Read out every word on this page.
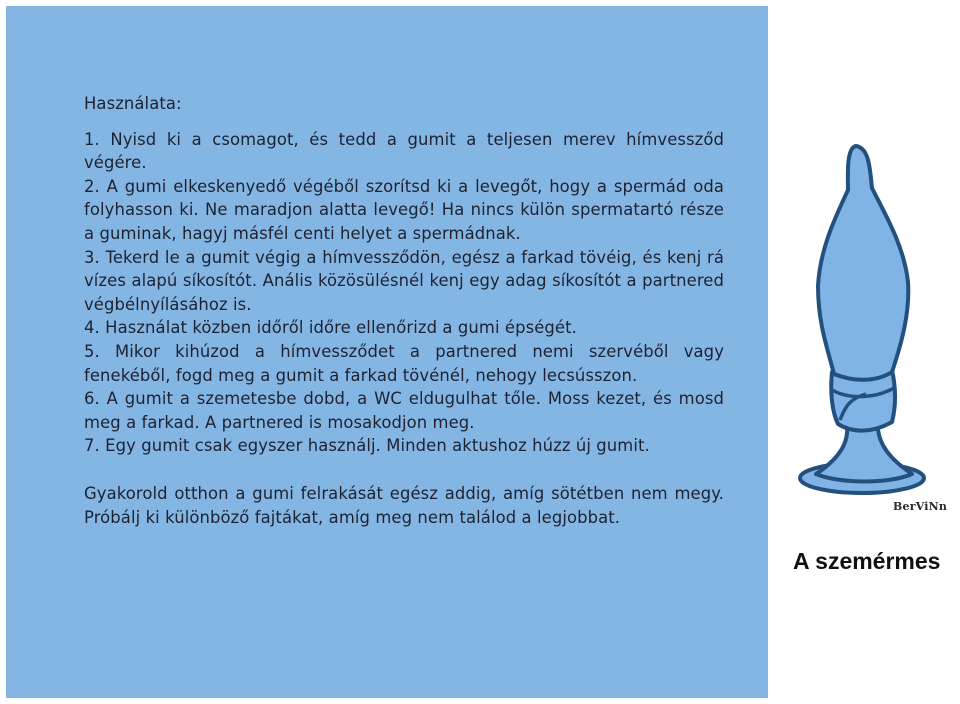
Használata:

1. Nyisd ki a csomagot, és tedd a gumit a teljesen merev hímvessződ végére.

2. A gumi elkeskenyedő végéből szorítsd ki a levegőt, hogy a spermád oda folyhasson ki. Ne maradjon alatta levegő! Ha nincs külön spermatartó része a guminak, hagyj másfél centi helyet a spermádnak.

3. Tekerd le a gumit végig a hímvessződön, egész a farkad tövéig, és kenj rá vízes alapú síkosítót. Anális közösülésnél kenj egy adag síkosítót a partnered végbélnyílásához is.

4. Használat közben időről időre ellenőrizd a gumi épségét.

5. Mikor kihúzod a hímvessződet a partnered nemi szervéből vagy fenekéből, fogd meg a gumit a farkad tövénél, nehogy lecsússzon.

6. A gumit a szemetesbe dobd, a WC eldugulhat tőle. Moss kezet, és mosd meg a farkad. A partnered is mosakodjon meg.

7. Egy gumit csak egyszer használj. Minden aktushoz húzz új gumit.

Gyakorold otthon a gumi felrakását egész addig, amíg sötétben nem megy. Próbálj ki különböző fajtákat, amíg meg nem találod a legjobbat.

BerViNn
A szemérmes
